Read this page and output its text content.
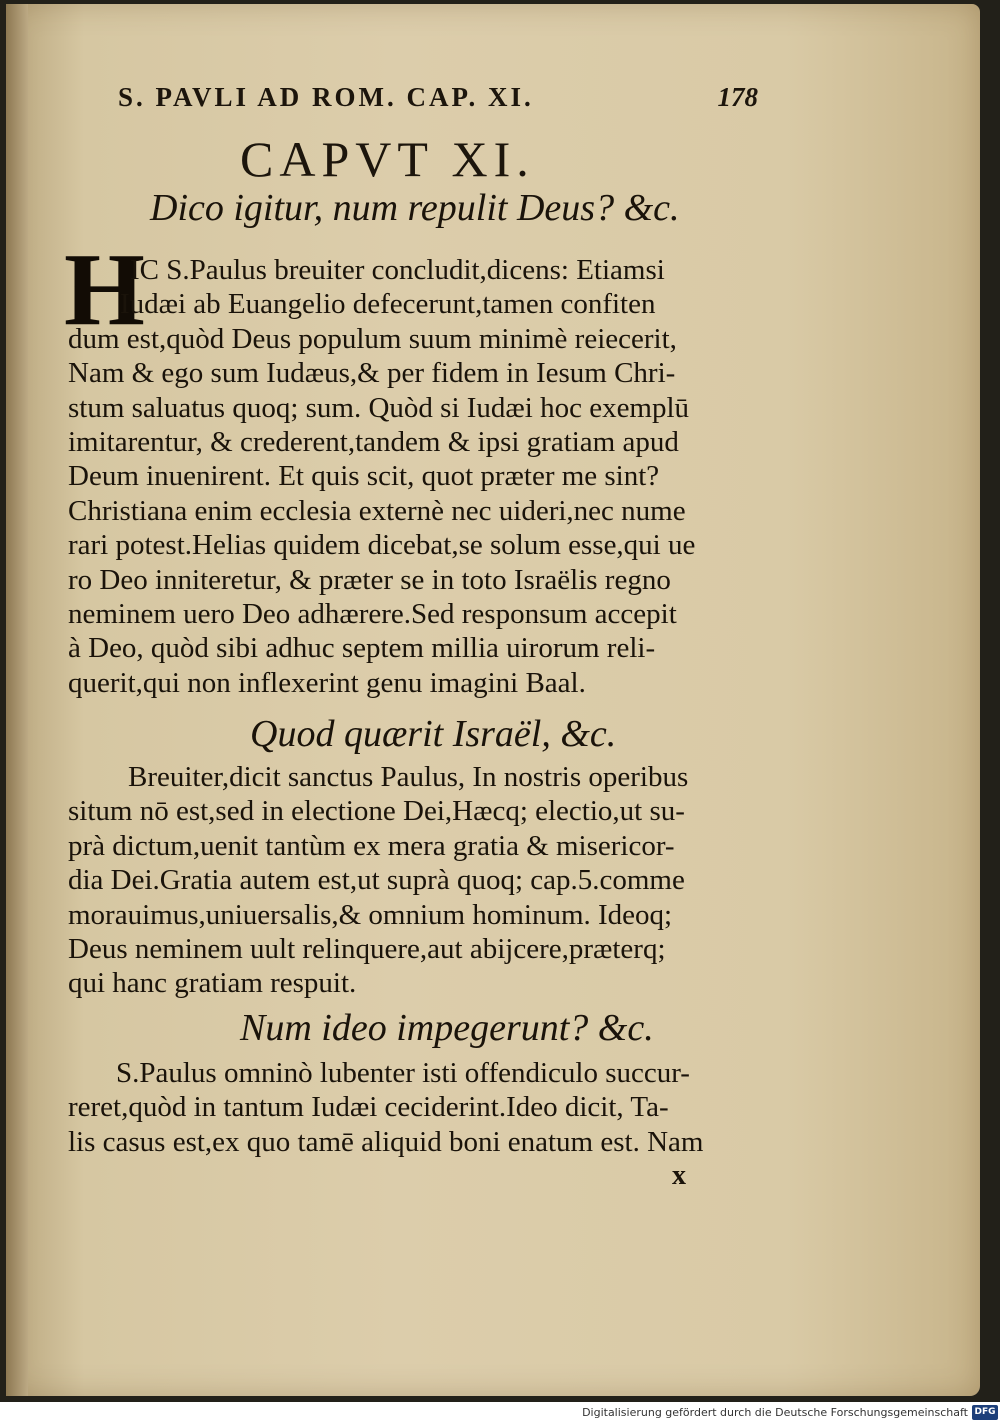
S. PAVLI AD ROM. CAP. XI.	178
CAPVT XI.
Dico igitur, num repulit Deus? &c.
H
IC S.Paulus breuiter concludit,dicens: Etiamsi
Iudæi ab Euangelio defecerunt,tamen confiten
dum est,quòd Deus populum suum minimè reiecerit,
Nam & ego sum Iudæus,& per fidem in Iesum Chri-
stum saluatus quoq; sum. Quòd si Iudæi hoc exemplū
imitarentur, & crederent,tandem & ipsi gratiam apud
Deum inuenirent. Et quis scit, quot præter me sint?
Christiana enim ecclesia externè nec uideri,nec nume
rari potest.Helias quidem dicebat,se solum esse,qui ue
ro Deo inniteretur, & præter se in toto Israëlis regno
neminem uero Deo adhærere.Sed responsum accepit
à Deo, quòd sibi adhuc septem millia uirorum reli-
querit,qui non inflexerint genu imagini Baal.
Quod quærit Israël, &c.
Breuiter,dicit sanctus Paulus, In nostris operibus
situm nō est,sed in electione Dei,Hæcq; electio,ut su-
prà dictum,uenit tantùm ex mera gratia & misericor-
dia Dei.Gratia autem est,ut suprà quoq; cap.5.comme
morauimus,uniuersalis,& omnium hominum. Ideoq;
Deus neminem uult relinquere,aut abijcere,præterq;
qui hanc gratiam respuit.
Num ideo impegerunt? &c.
S.Paulus omninò lubenter isti offendiculo succur-
reret,quòd in tantum Iudæi ceciderint.Ideo dicit, Ta-
lis casus est,ex quo tamē aliquid boni enatum est. Nam
x
Digitalisierung gefördert durch die Deutsche Forschungsgemeinschaft DFG
